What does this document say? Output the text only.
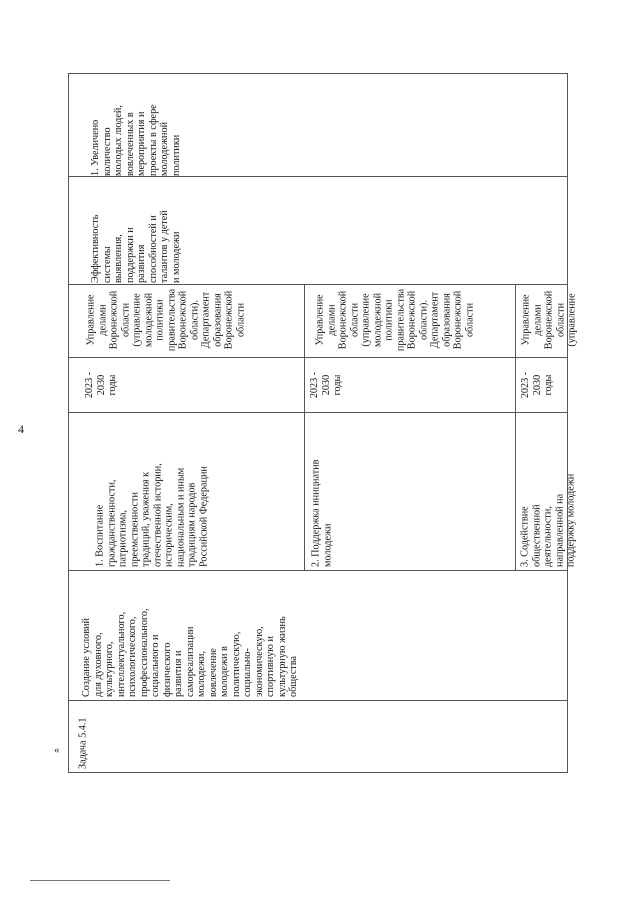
4
« Задача 5.4.1
Создание условий для духовного, культурного, интеллектуального, психологического, профессионального, социального и физического развития и самореализации молодежи, вовлечение молодежи в политическую, социально- экономическую, спортивную и культурную жизнь общества
1. Воспитание гражданственности, патриотизма, преемственности традиций, уважения к отечественной истории, историческим, национальным и иным традициям народов Российской Федерации
2023 - 2030 годы
Управление делами Воронежской области (управление молодежной политики правительства Воронежской области). Департамент образования Воронежской области
2. Поддержка инициатив молодежи
2023 - 2030 годы
Управление делами Воронежской области (управление молодежной политики правительства Воронежской области). Департамент образования Воронежской области
3. Содействие общественной деятельности, направленной на поддержку молодежи
2023 - 2030 годы
Управление делами Воронежской области (управление
Эффективность системы выявления, поддержки и развития способностей и талантов у детей и молодежи
1. Увеличено количество молодых людей, вовлеченных в мероприятия и проекты в сфере молодежной политики
